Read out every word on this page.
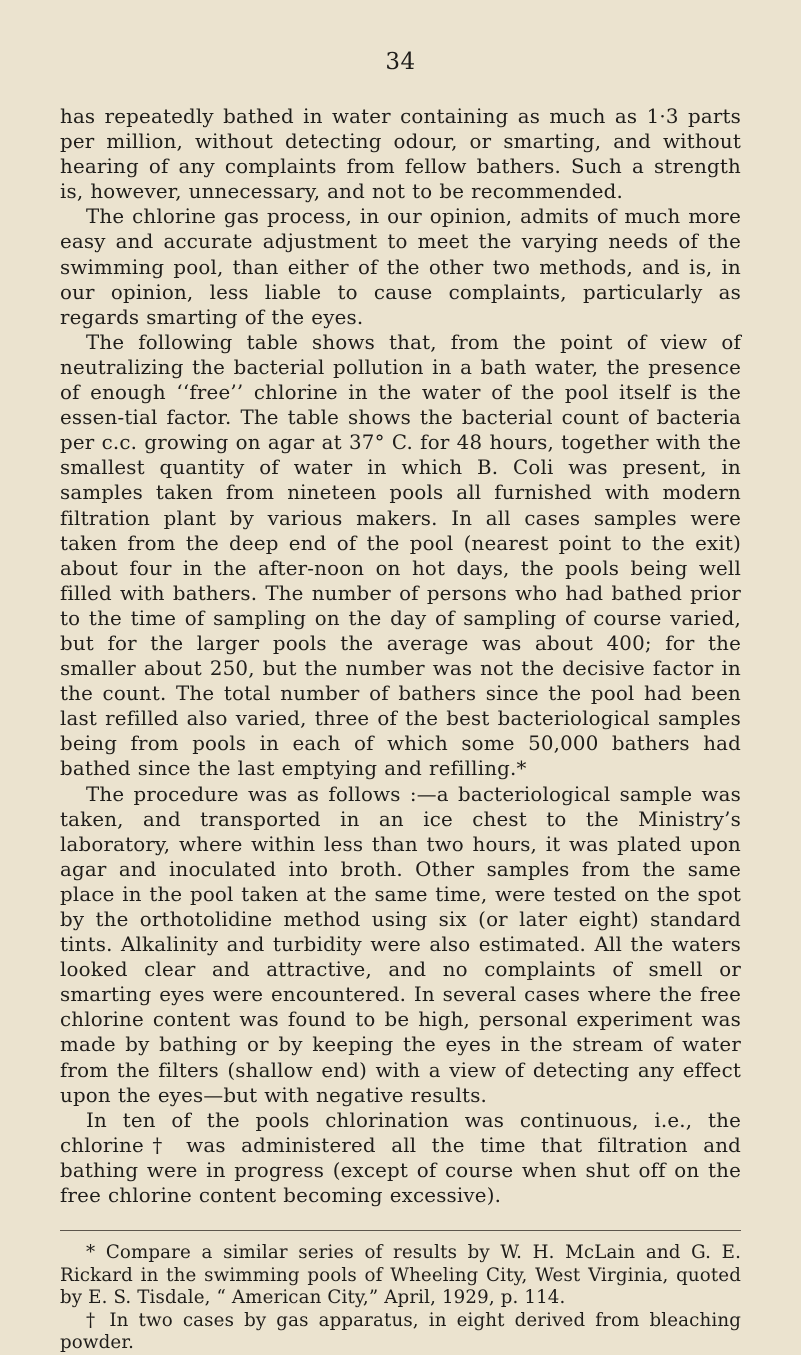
34

has repeatedly bathed in water containing as much as 1·3 parts per million, without detecting odour, or smarting, and without hearing of any complaints from fellow bathers. Such a strength is, however, unnecessary, and not to be recommended.

The chlorine gas process, in our opinion, admits of much more easy and accurate adjustment to meet the varying needs of the swimming pool, than either of the other two methods, and is, in our opinion, less liable to cause complaints, particularly as regards smarting of the eyes.

The following table shows that, from the point of view of neutralizing the bacterial pollution in a bath water, the presence of enough ‘‘free’’ chlorine in the water of the pool itself is the essen-tial factor. The table shows the bacterial count of bacteria per c.c. growing on agar at 37° C. for 48 hours, together with the smallest quantity of water in which B. Coli was present, in samples taken from nineteen pools all furnished with modern filtration plant by various makers. In all cases samples were taken from the deep end of the pool (nearest point to the exit) about four in the after-noon on hot days, the pools being well filled with bathers. The number of persons who had bathed prior to the time of sampling on the day of sampling of course varied, but for the larger pools the average was about 400; for the smaller about 250, but the number was not the decisive factor in the count. The total number of bathers since the pool had been last refilled also varied, three of the best bacteriological samples being from pools in each of which some 50,000 bathers had bathed since the last emptying and refilling.*

The procedure was as follows :—a bacteriological sample was taken, and transported in an ice chest to the Ministry’s laboratory, where within less than two hours, it was plated upon agar and inoculated into broth. Other samples from the same place in the pool taken at the same time, were tested on the spot by the orthotolidine method using six (or later eight) standard tints. Alkalinity and turbidity were also estimated. All the waters looked clear and attractive, and no complaints of smell or smarting eyes were encountered. In several cases where the free chlorine content was found to be high, personal experiment was made by bathing or by keeping the eyes in the stream of water from the filters (shallow end) with a view of detecting any effect upon the eyes—but with negative results.

In ten of the pools chlorination was continuous, i.e., the chlorine† was administered all the time that filtration and bathing were in progress (except of course when shut off on the free chlorine content becoming excessive).

* Compare a similar series of results by W. H. McLain and G. E. Rickard in the swimming pools of Wheeling City, West Virginia, quoted by E. S. Tisdale, “ American City,” April, 1929, p. 114.

† In two cases by gas apparatus, in eight derived from bleaching powder.
